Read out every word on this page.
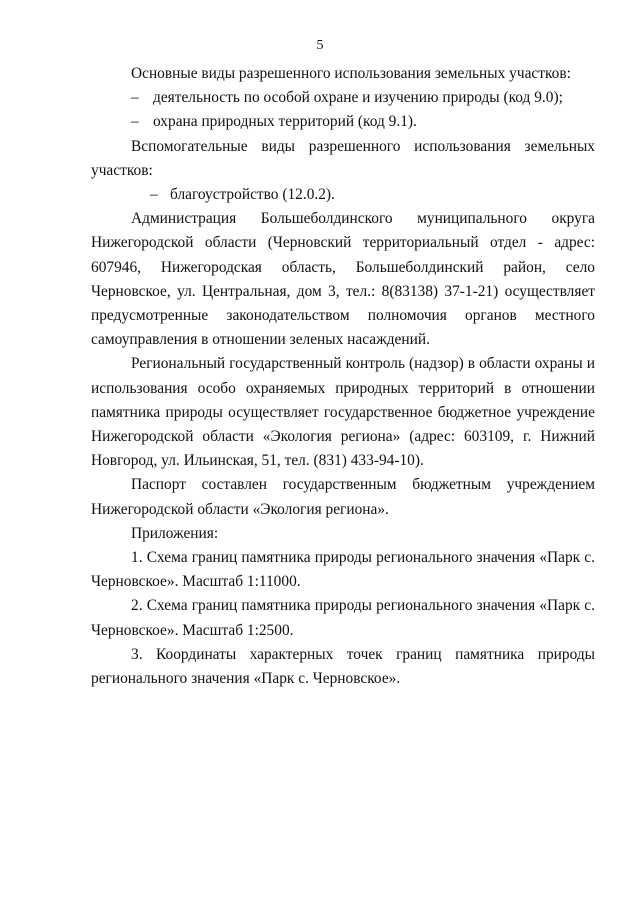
5

Основные виды разрешенного использования земельных участков:

– деятельность по особой охране и изучению природы (код 9.0);
– охрана природных территорий (код 9.1).

Вспомогательные виды разрешенного использования земельных участков:

– благоустройство (12.0.2).

Администрация Большеболдинского муниципального округа Нижегородской области (Черновский территориальный отдел - адрес: 607946, Нижегородская область, Большеболдинский район, село Черновское, ул. Центральная, дом 3, тел.: 8(83138) 37-1-21) осуществляет предусмотренные законодательством полномочия органов местного самоуправления в отношении зеленых насаждений.

Региональный государственный контроль (надзор) в области охраны и использования особо охраняемых природных территорий в отношении памятника природы осуществляет государственное бюджетное учреждение Нижегородской области «Экология региона» (адрес: 603109, г. Нижний Новгород, ул. Ильинская, 51, тел. (831) 433-94-10).

Паспорт составлен государственным бюджетным учреждением Нижегородской области «Экология региона».

Приложения:

1. Схема границ памятника природы регионального значения «Парк с. Черновское». Масштаб 1:11000.

2. Схема границ памятника природы регионального значения «Парк с. Черновское». Масштаб 1:2500.

3. Координаты характерных точек границ памятника природы регионального значения «Парк с. Черновское».
